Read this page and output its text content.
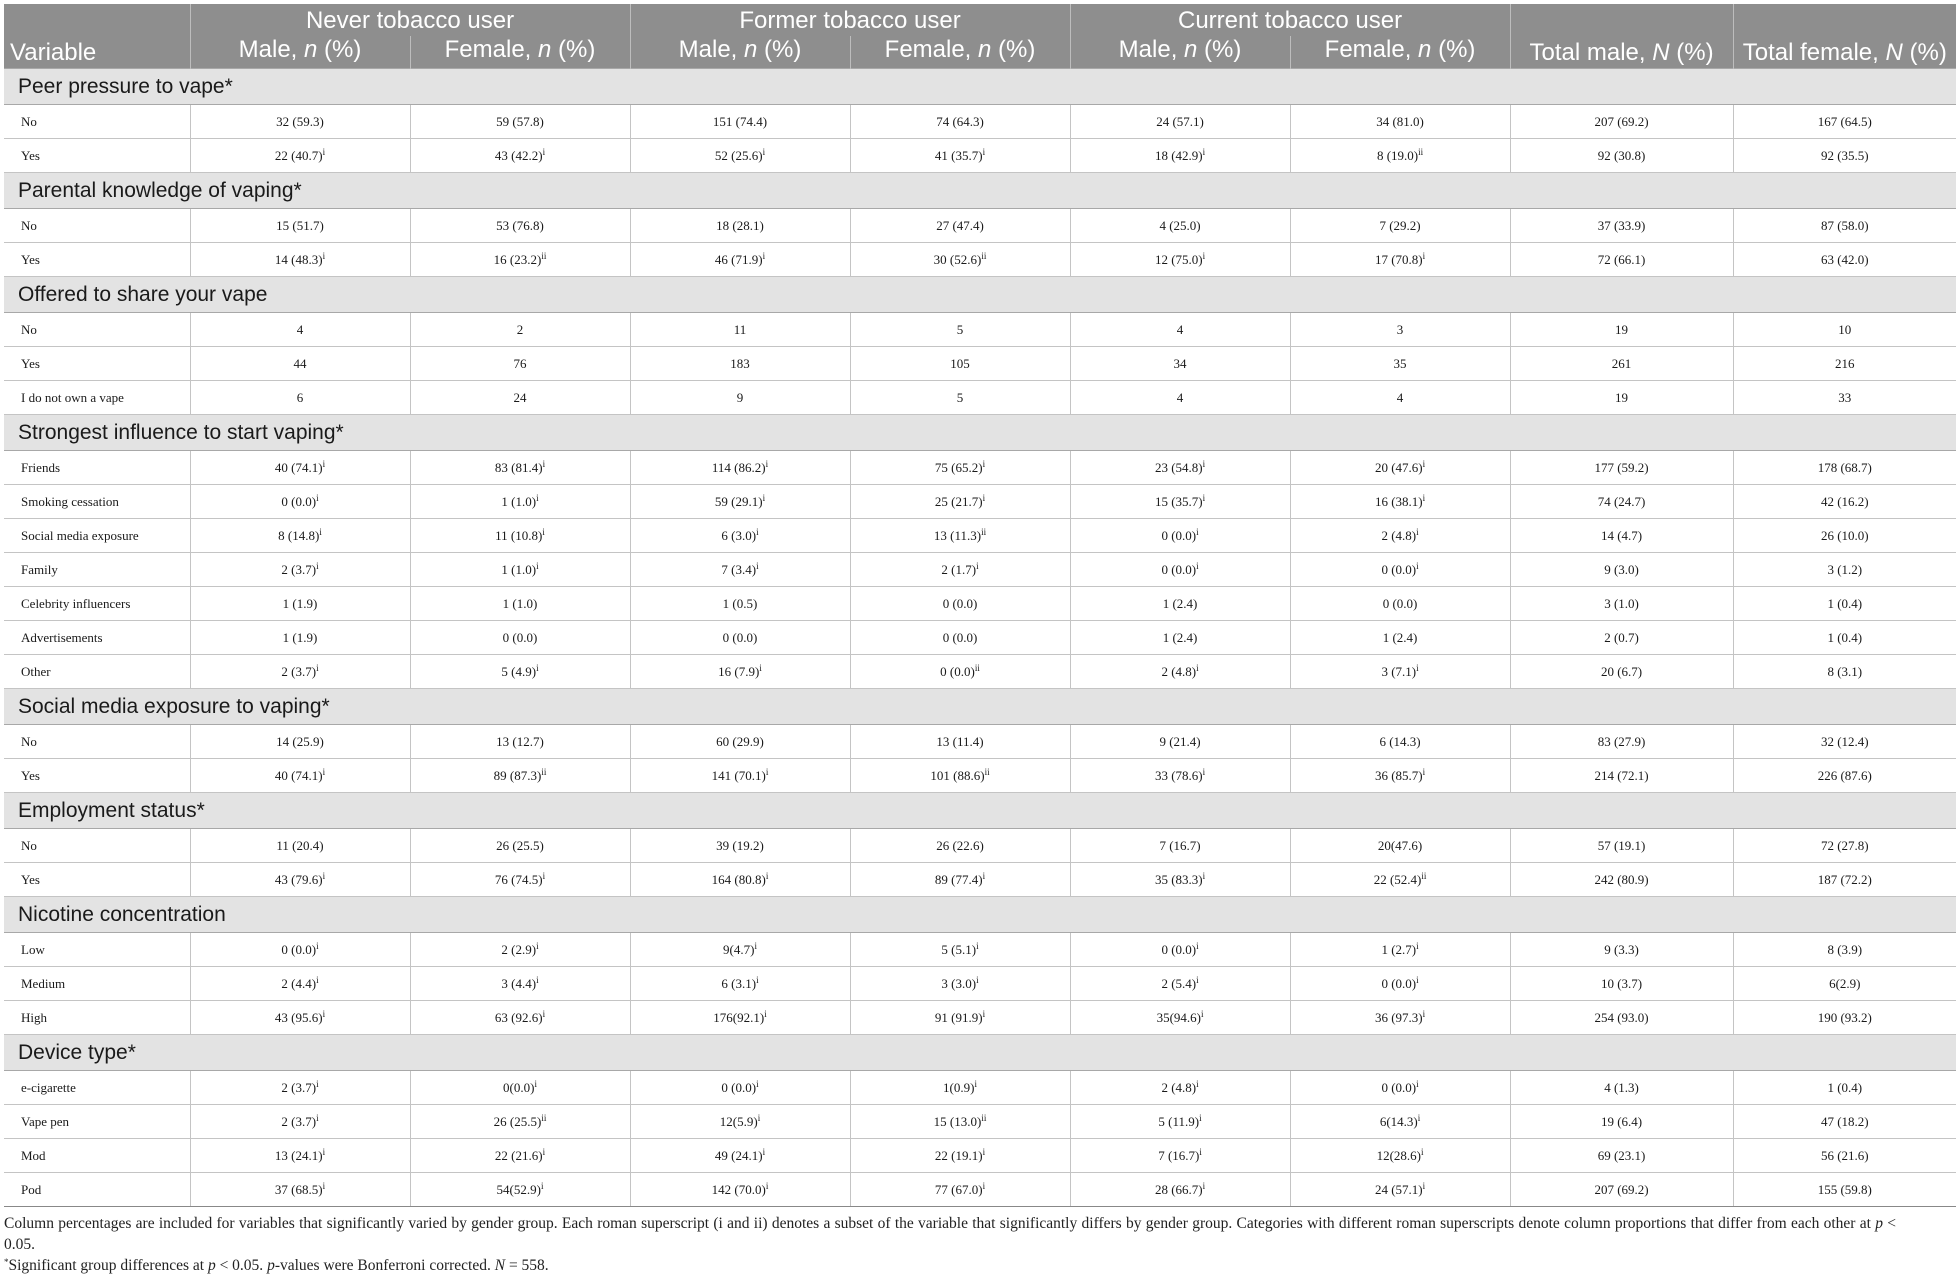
Variable	Never tobacco user		Former tobacco user		Current tobacco user		Total male, N (%)	Total female, N (%)
	Male, n (%)	Female, n (%)	Male, n (%)	Female, n (%)	Male, n (%)	Female, n (%)		
Peer pressure to vape*								
No	32 (59.3)	59 (57.8)	151 (74.4)	74 (64.3)	24 (57.1)	34 (81.0)	207 (69.2)	167 (64.5)
Yes	22 $(40.7)^i$	43 $(42.2)^i$	52 $(25.6)^i$	41 $(35.7)^i$	18 $(42.9)^i$	8 $(19.0)^{ii}$	92 (30.8)	92 (35.5)
Parental knowledge of vaping*								
No	15 (51.7)	53 (76.8)	18 (28.1)	27 (47.4)	4 (25.0)	7 (29.2)	37 (33.9)	87 (58.0)
Yes	14 $(48.3)^i$	16 $(23.2)^{ii}$	46 $(71.9)^i$	30 $(52.6)^{ii}$	12 $(75.0)^i$	17 $(70.8)^i$	72 (66.1)	63 (42.0)
Offered to share your vape								
No	4	2	11	5	4	3	19	10
Yes	44	76	183	105	34	35	261	216
I do not own a vape	6	24	9	5	4	4	19	33
Strongest influence to start vaping*								
Friends	40 $(74.1)^i$	83 $(81.4)^i$	114 $(86.2)^i$	75 $(65.2)^i$	23 $(54.8)^i$	20 $(47.6)^i$	177 (59.2)	178 (68.7)
Smoking cessation	0 $(0.0)^i$	1 $(1.0)^i$	59 $(29.1)^i$	25 $(21.7)^i$	15 $(35.7)^i$	16 $(38.1)^i$	74 (24.7)	42 (16.2)
Social media exposure	8 $(14.8)^i$	11 $(10.8)^i$	6 $(3.0)^i$	13 $(11.3)^{ii}$	0 $(0.0)^i$	2 $(4.8)^i$	14 (4.7)	26 (10.0)
Family	2 $(3.7)^i$	1 $(1.0)^i$	7 $(3.4)^i$	2 $(1.7)^i$	0 $(0.0)^i$	0 $(0.0)^i$	9 (3.0)	3 (1.2)
Celebrity influencers	1 (1.9)	1 (1.0)	1 (0.5)	0 (0.0)	1 (2.4)	0 (0.0)	3 (1.0)	1 (0.4)
Advertisements	1 (1.9)	0 (0.0)	0 (0.0)	0 (0.0)	1 (2.4)	1 (2.4)	2 (0.7)	1 (0.4)
Other	2 $(3.7)^i$	5 $(4.9)^i$	16 $(7.9)^i$	0 $(0.0)^{ii}$	2 $(4.8)^i$	3 $(7.1)^i$	20 (6.7)	8 (3.1)
Social media exposure to vaping*								
No	14 (25.9)	13 (12.7)	60 (29.9)	13 (11.4)	9 (21.4)	6 (14.3)	83 (27.9)	32 (12.4)
Yes	40 $(74.1)^i$	89 $(87.3)^{ii}$	141 $(70.1)^i$	101 $(88.6)^{ii}$	33 $(78.6)^i$	36 $(85.7)^i$	214 (72.1)	226 (87.6)
Employment status*								
No	11 (20.4)	26 (25.5)	39 (19.2)	26 (22.6)	7 (16.7)	20(47.6)	57 (19.1)	72 (27.8)
Yes	43 $(79.6)^i$	76 $(74.5)^i$	164 $(80.8)^i$	89 $(77.4)^i$	35 $(83.3)^i$	22 $(52.4)^{ii}$	242 (80.9)	187 (72.2)
Nicotine concentration								
Low	0 $(0.0)^i$	2 $(2.9)^i$	$9(4.7)^i$	5 $(5.1)^i$	0 $(0.0)^i$	1 $(2.7)^i$	9 (3.3)	8 (3.9)
Medium	2 $(4.4)^i$	3 $(4.4)^i$	6 $(3.1)^i$	3 $(3.0)^i$	2 $(5.4)^i$	0 $(0.0)^i$	10 (3.7)	6(2.9)
High	43 $(95.6)^i$	63 $(92.6)^i$	$176(92.1)^i$	91 $(91.9)^i$	$35(94.6)^i$	36 $(97.3)^i$	254 (93.0)	190 (93.2)
Device type*								
e-cigarette	2 $(3.7)^i$	$0(0.0)^i$	0 $(0.0)^i$	$1(0.9)^i$	2 $(4.8)^i$	0 $(0.0)^i$	4 (1.3)	1 (0.4)
Vape pen	2 $(3.7)^i$	26 $(25.5)^{ii}$	$12(5.9)^i$	15 $(13.0)^{ii}$	5 $(11.9)^i$	$6(14.3)^i$	19 (6.4)	47 (18.2)
Mod	13 $(24.1)^i$	22 $(21.6)^i$	49 $(24.1)^i$	22 $(19.1)^i$	7 $(16.7)^i$	$12(28.6)^i$	69 (23.1)	56 (21.6)
Pod	37 $(68.5)^i$	$54(52.9)^i$	142 $(70.0)^i$	77 $(67.0)^i$	28 $(66.7)^i$	24 $(57.1)^i$	207 (69.2)	155 (59.8)

Column percentages are included for variables that significantly varied by gender group. Each roman superscript (i and ii) denotes a subset of the variable that significantly differs by gender group. Categories with different roman superscripts denote column proportions that differ from each other at p < 0.05.

*Significant group differences at p < 0.05. p-values were Bonferroni corrected. N = 558.
